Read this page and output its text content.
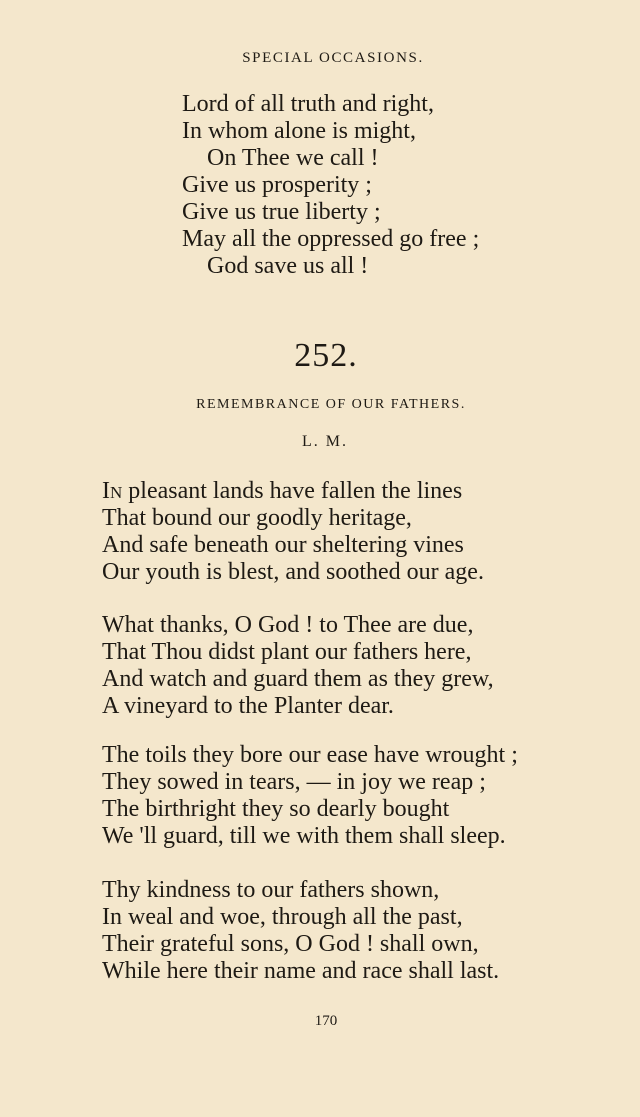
SPECIAL OCCASIONS.
Lord of all truth and right,
In whom alone is might,
On Thee we call !
Give us prosperity ;
Give us true liberty ;
May all the oppressed go free ;
God save us all !
252.
REMEMBRANCE OF OUR FATHERS.
L. M.
In pleasant lands have fallen the lines
That bound our goodly heritage,
And safe beneath our sheltering vines
Our youth is blest, and soothed our age.
What thanks, O God ! to Thee are due,
That Thou didst plant our fathers here,
And watch and guard them as they grew,
A vineyard to the Planter dear.
The toils they bore our ease have wrought ;
They sowed in tears, — in joy we reap ;
The birthright they so dearly bought
We 'll guard, till we with them shall sleep.
Thy kindness to our fathers shown,
In weal and woe, through all the past,
Their grateful sons, O God ! shall own,
While here their name and race shall last.
170
